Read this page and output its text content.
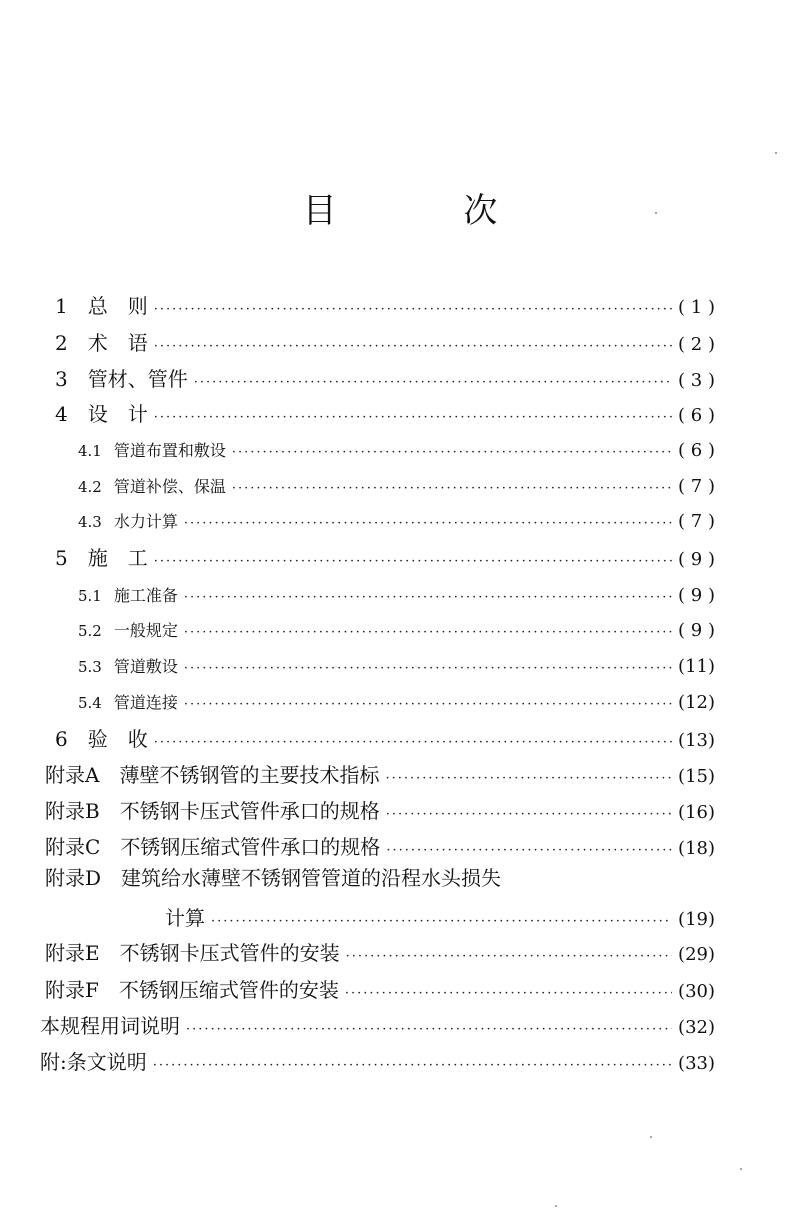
目 次
1　 总　则 ·····	( 1 )
2　 术　语 ·····	( 2 )
3　 管材、管件 ·····	( 3 )
4　 设　计 ·····	( 6 )
4.1 管道布置和敷设 ·····	( 6 )
4.2 管道补偿、保温 ·····	( 7 )
4.3 水力计算 ·····	( 7 )
5　 施　工 ·····	( 9 )
5.1 施工准备 ·····	( 9 )
5.2 一般规定 ·····	( 9 )
5.3 管道敷设 ·····	(11)
5.4 管道连接 ·····	(12)
6　 验　收 ·····	(13)
附录A　 薄壁不锈钢管的主要技术指标 ·····	(15)
附录B　 不锈钢卡压式管件承口的规格 ·····	(16)
附录C　 不锈钢压缩式管件承口的规格 ·····	(18)
附录D　 建筑给水薄壁不锈钢管管道的沿程水头损失
计算 ·····	(19)
附录E　 不锈钢卡压式管件的安装 ·····	(29)
附录F　 不锈钢压缩式管件的安装 ·····	(30)
本规程用词说明 ·····	(32)
附:条文说明 ·····	(33)
